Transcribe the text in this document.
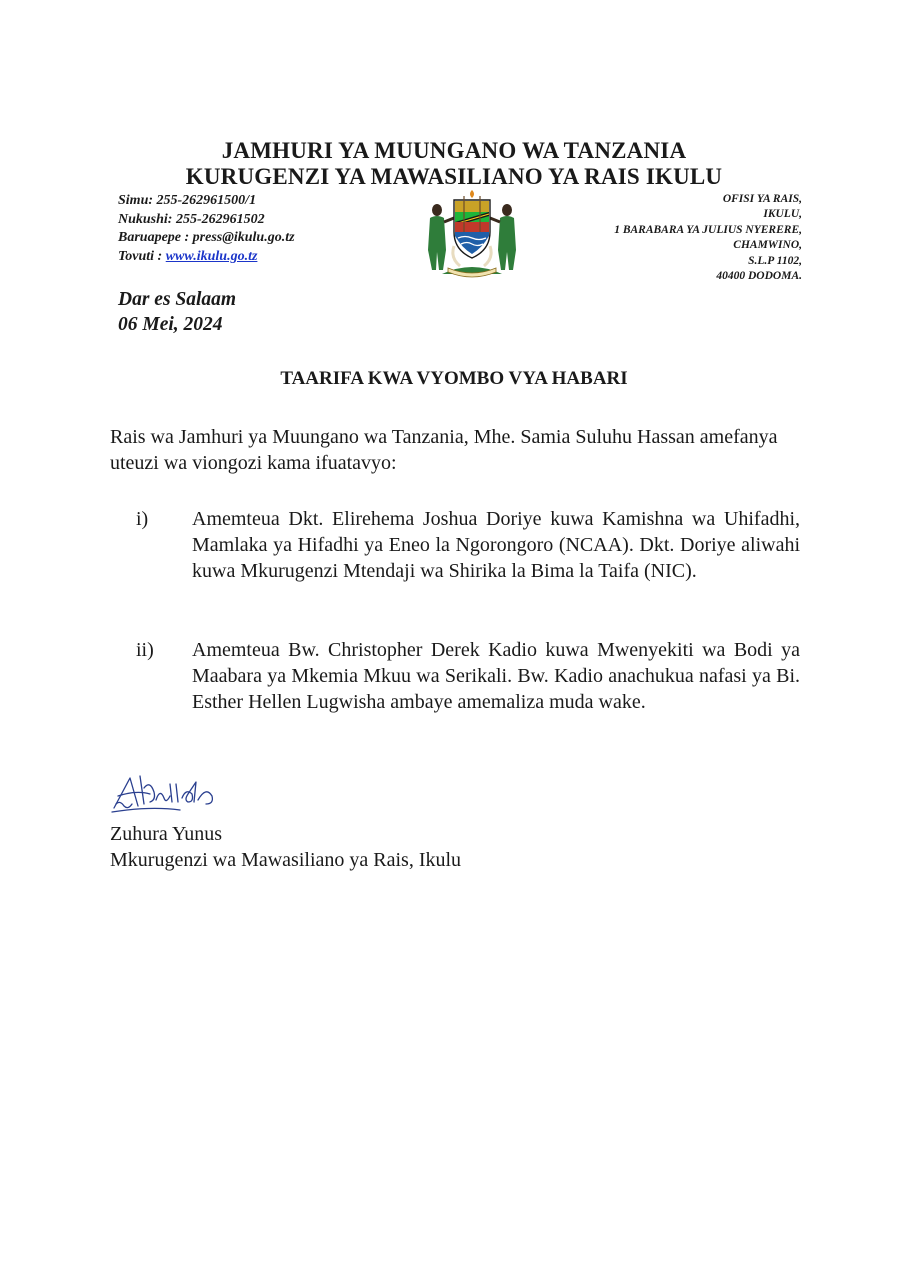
JAMHURI YA MUUNGANO WA TANZANIA
KURUGENZI YA MAWASILIANO YA RAIS IKULU
Simu: 255-262961500/1
Nukushi: 255-262961502
Baruapepe : press@ikulu.go.tz
Tovuti : www.ikulu.go.tz
OFISI YA RAIS,
IKULU,
1 BARABARA YA JULIUS NYERERE,
CHAMWINO,
S.L.P 1102,
40400 DODOMA.
Dar es Salaam
06 Mei, 2024
TAARIFA KWA VYOMBO VYA HABARI
Rais wa Jamhuri ya Muungano wa Tanzania, Mhe. Samia Suluhu Hassan amefanya uteuzi wa viongozi kama ifuatavyo:
i) Amemteua Dkt. Elirehema Joshua Doriye kuwa Kamishna wa Uhifadhi, Mamlaka ya Hifadhi ya Eneo la Ngorongoro (NCAA). Dkt. Doriye aliwahi kuwa Mkurugenzi Mtendaji wa Shirika la Bima la Taifa (NIC).
ii) Amemteua Bw. Christopher Derek Kadio kuwa Mwenyekiti wa Bodi ya Maabara ya Mkemia Mkuu wa Serikali. Bw. Kadio anachukua nafasi ya Bi. Esther Hellen Lugwisha ambaye amemaliza muda wake.
Zuhura Yunus
Mkurugenzi wa Mawasiliano ya Rais, Ikulu
